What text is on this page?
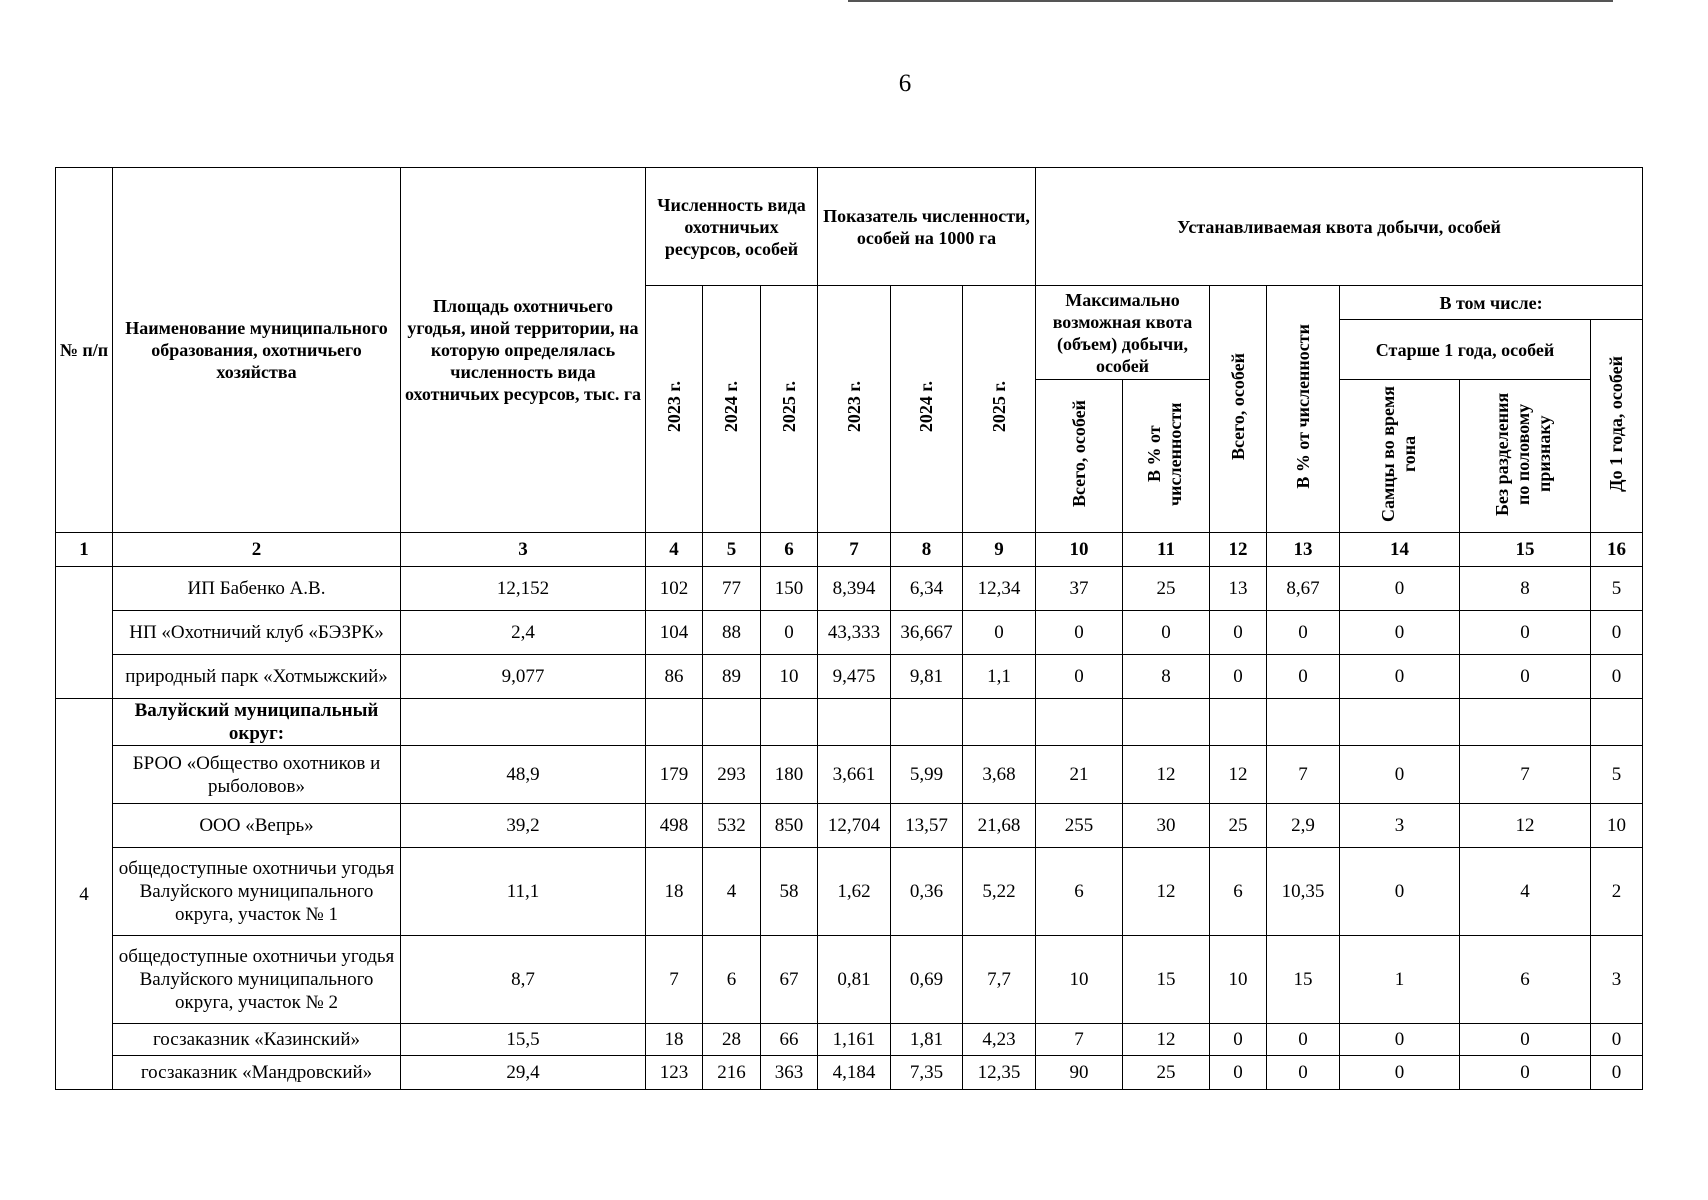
6
№ п/п	Наименование муниципального образования, охотничьего хозяйства	Площадь охотничьего угодья, иной территории, на которую определялась численность вида охотничьих ресурсов, тыс. га	Численность вида охотничьих ресурсов, особей			Показатель численности, особей на 1000 га			Устанавливаемая квота добычи, особей						
			2023 г.	2024 г.	2025 г.	2023 г.	2024 г.	2025 г.	Максимально возможная квота (объем) добычи, особей		Всего, особей	В % от численности	В том числе:		
													Старше 1 года, особей		До 1 года, особей
									Всего, особей	В % от численности			Самцы во время гона	Без разделения по половому признаку	
1	2	3	4	5	6	7	8	9	10	11	12	13	14	15	16
	ИП Бабенко А.В.	12,152	102	77	150	8,394	6,34	12,34	37	25	13	8,67	0	8	5
	НП «Охотничий клуб «БЭЗРК»	2,4	104	88	0	43,333	36,667	0	0	0	0	0	0	0	0
	природный парк «Хотмыжский»	9,077	86	89	10	9,475	9,81	1,1	0	8	0	0	0	0	0
4	Валуйский муниципальный округ:														
	БРОО «Общество охотников и рыболовов»	48,9	179	293	180	3,661	5,99	3,68	21	12	12	7	0	7	5
	ООО «Вепрь»	39,2	498	532	850	12,704	13,57	21,68	255	30	25	2,9	3	12	10
	общедоступные охотничьи угодья Валуйского муниципального округа, участок № 1	11,1	18	4	58	1,62	0,36	5,22	6	12	6	10,35	0	4	2
	общедоступные охотничьи угодья Валуйского муниципального округа, участок № 2	8,7	7	6	67	0,81	0,69	7,7	10	15	10	15	1	6	3
	госзаказник «Казинский»	15,5	18	28	66	1,161	1,81	4,23	7	12	0	0	0	0	0
	госзаказник «Мандровский»	29,4	123	216	363	4,184	7,35	12,35	90	25	0	0	0	0	0
